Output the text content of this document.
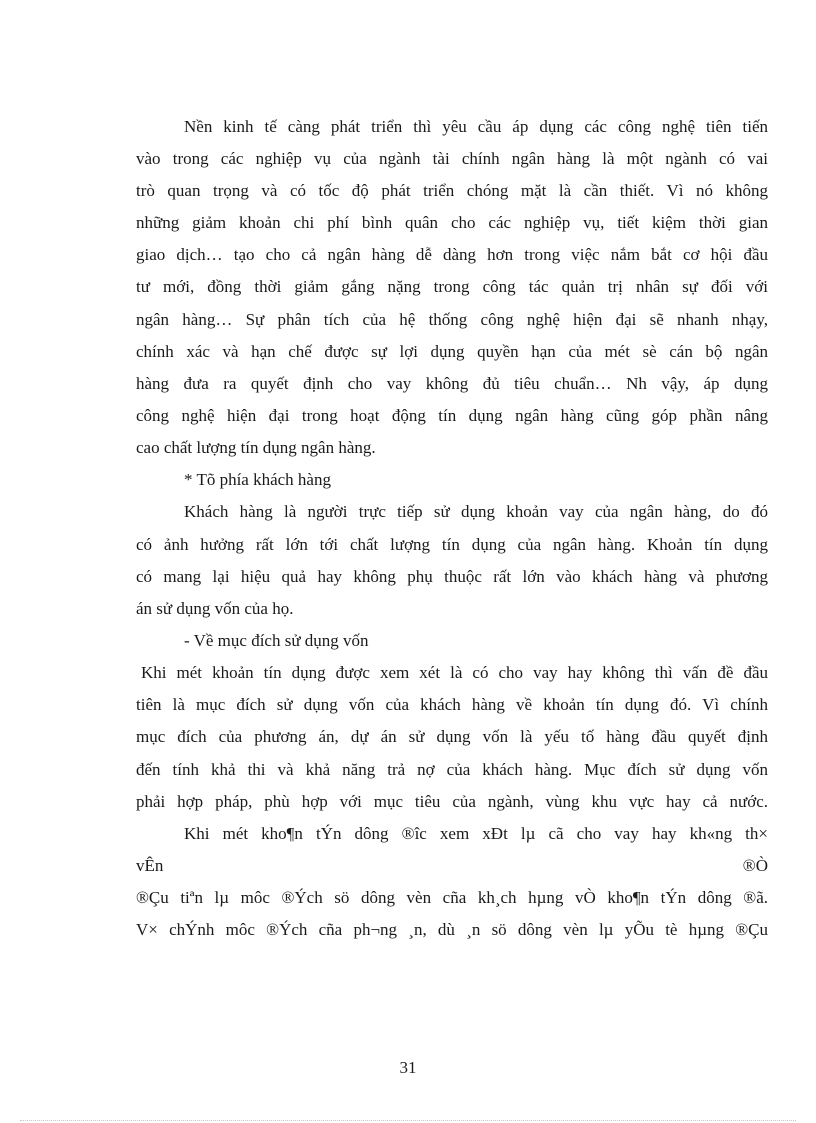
Nền kinh tế càng phát triển thì yêu cầu áp dụng các công nghệ tiên tiến
vào trong các nghiệp vụ của ngành tài chính ngân hàng là một ngành có vai
trò quan trọng và có tốc độ phát triển chóng mặt là cần thiết. Vì nó không
những giảm khoản chi phí bình quân cho các nghiệp vụ, tiết kiệm thời gian
giao dịch… tạo cho cả ngân hàng dễ dàng hơn trong việc nắm bắt cơ hội đầu
tư mới, đồng thời giảm gắng nặng trong công tác quản trị nhân sự đối với
ngân hàng… Sự phân tích của hệ thống công nghệ hiện đại sẽ nhanh nhạy,
chính xác và hạn chế được sự lợi dụng quyền hạn của mét sè cán bộ ngân
hàng đưa ra quyết định cho vay không đủ tiêu chuẩn… Nh vậy, áp dụng
công nghệ hiện đại trong hoạt động tín dụng ngân hàng cũng góp phần nâng
cao chất lượng tín dụng ngân hàng.
* Tõ phía khách hàng
Khách hàng là người trực tiếp sử dụng khoản vay của ngân hàng, do đó
có ảnh hưởng rất lớn tới chất lượng tín dụng của ngân hàng. Khoản tín dụng
có mang lại hiệu quả hay không phụ thuộc rất lớn vào khách hàng và phương
án sử dụng vốn của họ.
- Về mục đích sử dụng vốn
Khi mét khoản tín dụng được xem xét là có cho vay hay không thì vấn đề đầu
tiên là mục đích sử dụng vốn của khách hàng về khoản tín dụng đó. Vì chính
mục đích của phương án, dự án sử dụng vốn là yếu tố hàng đầu quyết định
đến tính khả thi và khả năng trả nợ của khách hàng. Mục đích sử dụng vốn
phải hợp pháp, phù hợp với mục tiêu của ngành, vùng khu vực hay cả nước.
Khi mét kho¶n tÝn dông ®îc xem xÐt lµ cã cho vay hay kh«ng th×
vÊn ®Ò
®Çu tiªn lµ môc ®Ých sö dông vèn cña kh¸ch hµng vÒ kho¶n tÝn dông ®ã.
V× chÝnh môc ®Ých cña ph¬ng ¸n, dù ¸n sö dông vèn lµ yÕu tè hµng ®Çu
31
